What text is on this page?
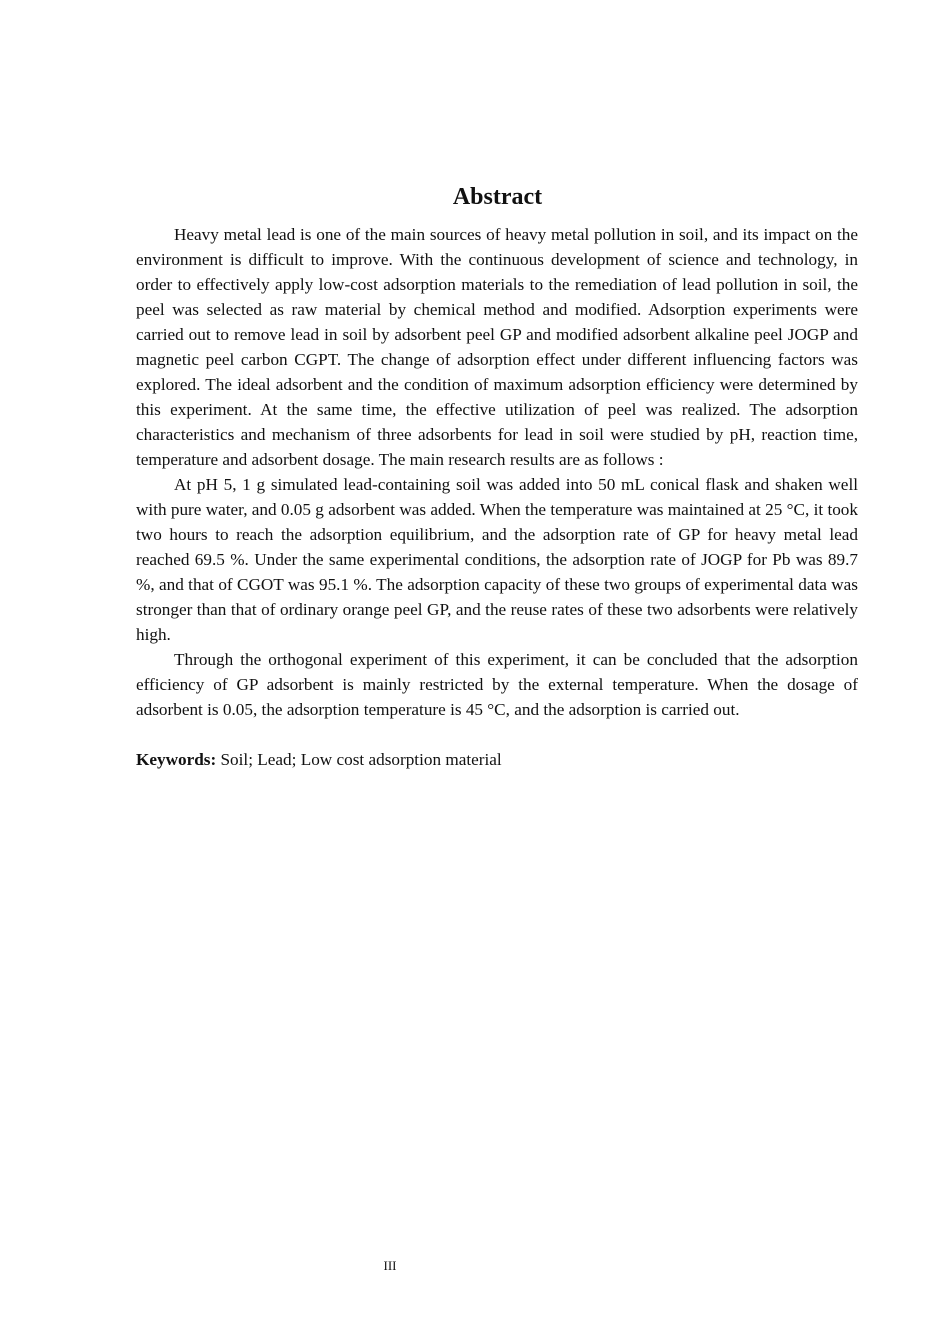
Abstract

Heavy metal lead is one of the main sources of heavy metal pollution in soil, and its impact on the environment is difficult to improve. With the continuous development of science and technology, in order to effectively apply low-cost adsorption materials to the remediation of lead pollution in soil, the peel was selected as raw material by chemical method and modified. Adsorption experiments were carried out to remove lead in soil by adsorbent peel GP and modified adsorbent alkaline peel JOGP and magnetic peel carbon CGPT. The change of adsorption effect under different influencing factors was explored. The ideal adsorbent and the condition of maximum adsorption efficiency were determined by this experiment. At the same time, the effective utilization of peel was realized. The adsorption characteristics and mechanism of three adsorbents for lead in soil were studied by pH, reaction time, temperature and adsorbent dosage. The main research results are as follows :

At pH 5, 1 g simulated lead-containing soil was added into 50 mL conical flask and shaken well with pure water, and 0.05 g adsorbent was added. When the temperature was maintained at 25 °C, it took two hours to reach the adsorption equilibrium, and the adsorption rate of GP for heavy metal lead reached 69.5 %. Under the same experimental conditions, the adsorption rate of JOGP for Pb was 89.7 %, and that of CGOT was 95.1 %. The adsorption capacity of these two groups of experimental data was stronger than that of ordinary orange peel GP, and the reuse rates of these two adsorbents were relatively high.

Through the orthogonal experiment of this experiment, it can be concluded that the adsorption efficiency of GP adsorbent is mainly restricted by the external temperature. When the dosage of adsorbent is 0.05, the adsorption temperature is 45 °C, and the adsorption is carried out.

Keywords: Soil; Lead; Low cost adsorption material

III
